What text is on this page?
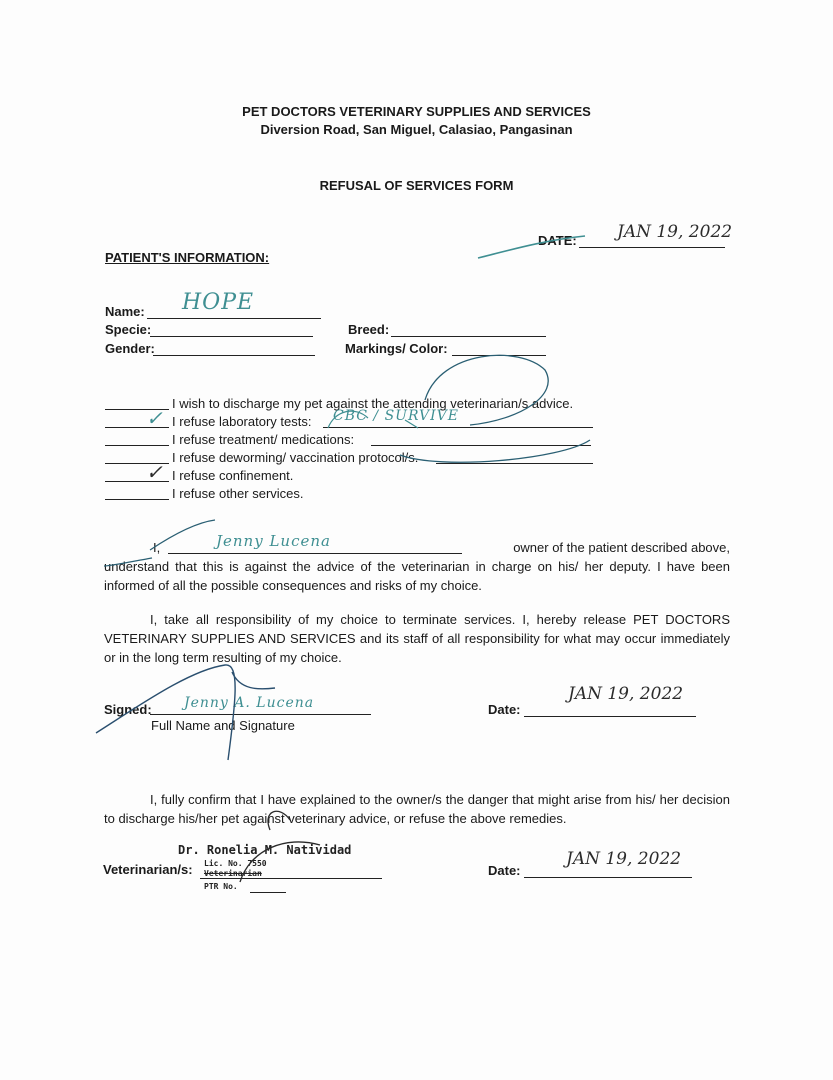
PET DOCTORS VETERINARY SUPPLIES AND SERVICES
Diversion Road, San Miguel, Calasiao, Pangasinan
REFUSAL OF SERVICES FORM
DATE: JAN 19, 2022
PATIENT'S INFORMATION:
Name: HOPE
Specie:	Breed:
Gender:	Markings/ Color:
I wish to discharge my pet against the attending veterinarian/s advice.
✓ I refuse laboratory tests: CBC / SURVIVE
I refuse treatment/ medications:
I refuse deworming/ vaccination protocol/s.
✓ I refuse confinement.
I refuse other services.
I,	Jenny Lucena	owner of the patient described above,
understand that this is against the advice of the veterinarian in charge on his/ her deputy. I have been informed of all the possible consequences and risks of my choice.
I, take all responsibility of my choice to terminate services. I, hereby release PET DOCTORS VETERINARY SUPPLIES AND SERVICES and its staff of all responsibility for what may occur immediately or in the long term resulting of my choice.
Signed: Jenny A. Lucena
Full Name and Signature
Date:
JAN 19, 2022
I, fully confirm that I have explained to the owner/s the danger that might arise from his/ her decision to discharge his/her pet against veterinary advice, or refuse the above remedies.
Dr. Ronelia M. Natividad
Veterinarian/s: Lic. No. 7550
Veterinarian
PTR No.
Date:
JAN 19, 2022
